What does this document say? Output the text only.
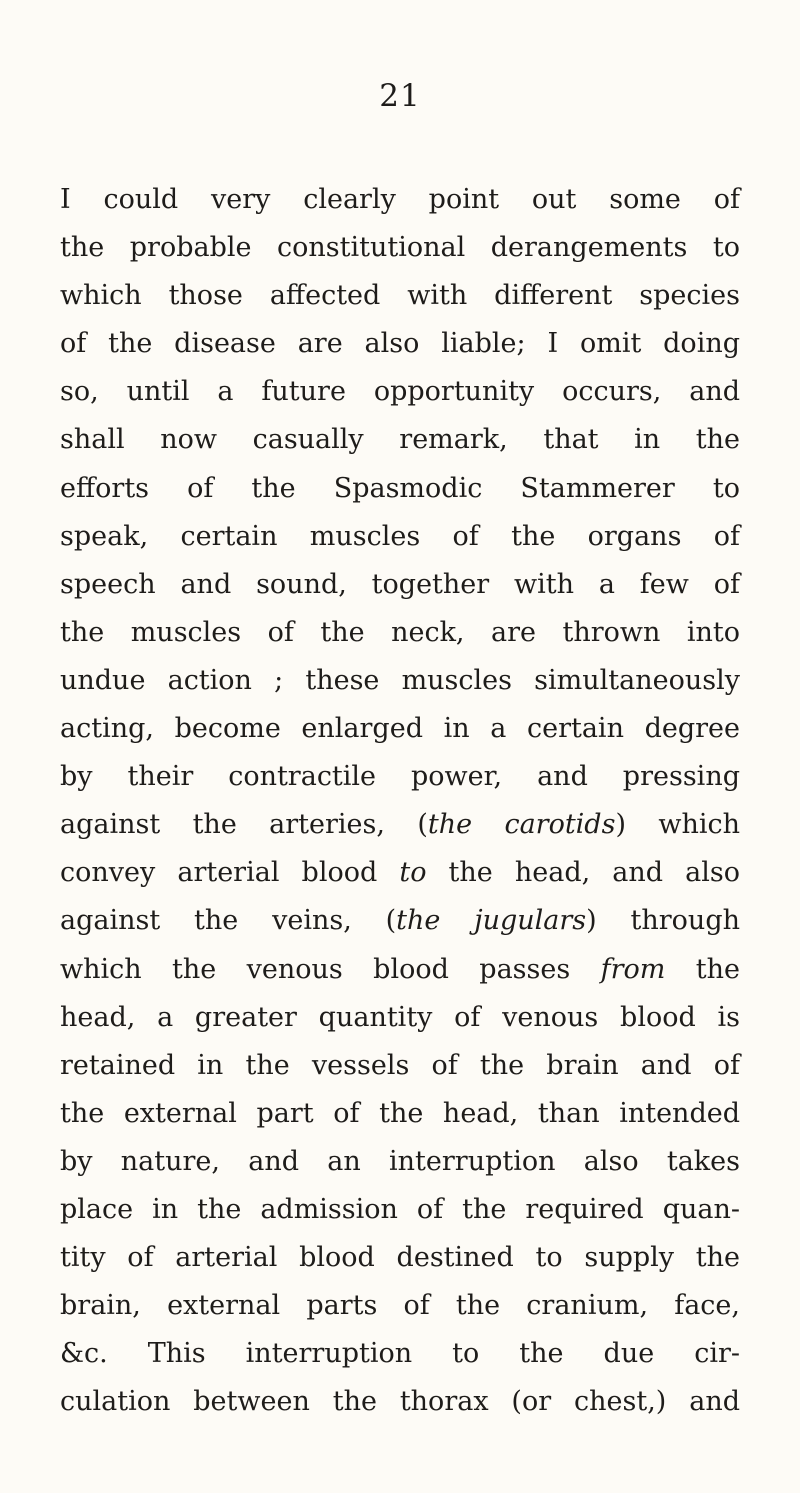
21
I could very clearly point out some of
the probable constitutional derangements to
which those affected with different species
of the disease are also liable; I omit doing
so, until a future opportunity occurs, and
shall now casually remark, that in the
efforts of the Spasmodic Stammerer to
speak, certain muscles of the organs of
speech and sound, together with a few of
the muscles of the neck, are thrown into
undue action ; these muscles simultaneously
acting, become enlarged in a certain degree
by their contractile power, and pressing
against the arteries, (the carotids) which
convey arterial blood to the head, and also
against the veins, (the jugulars) through
which the venous blood passes from the
head, a greater quantity of venous blood is
retained in the vessels of the brain and of
the external part of the head, than intended
by nature, and an interruption also takes
place in the admission of the required quan-
tity of arterial blood destined to supply the
brain, external parts of the cranium, face,
&c. This interruption to the due cir-
culation between the thorax (or chest,) and
